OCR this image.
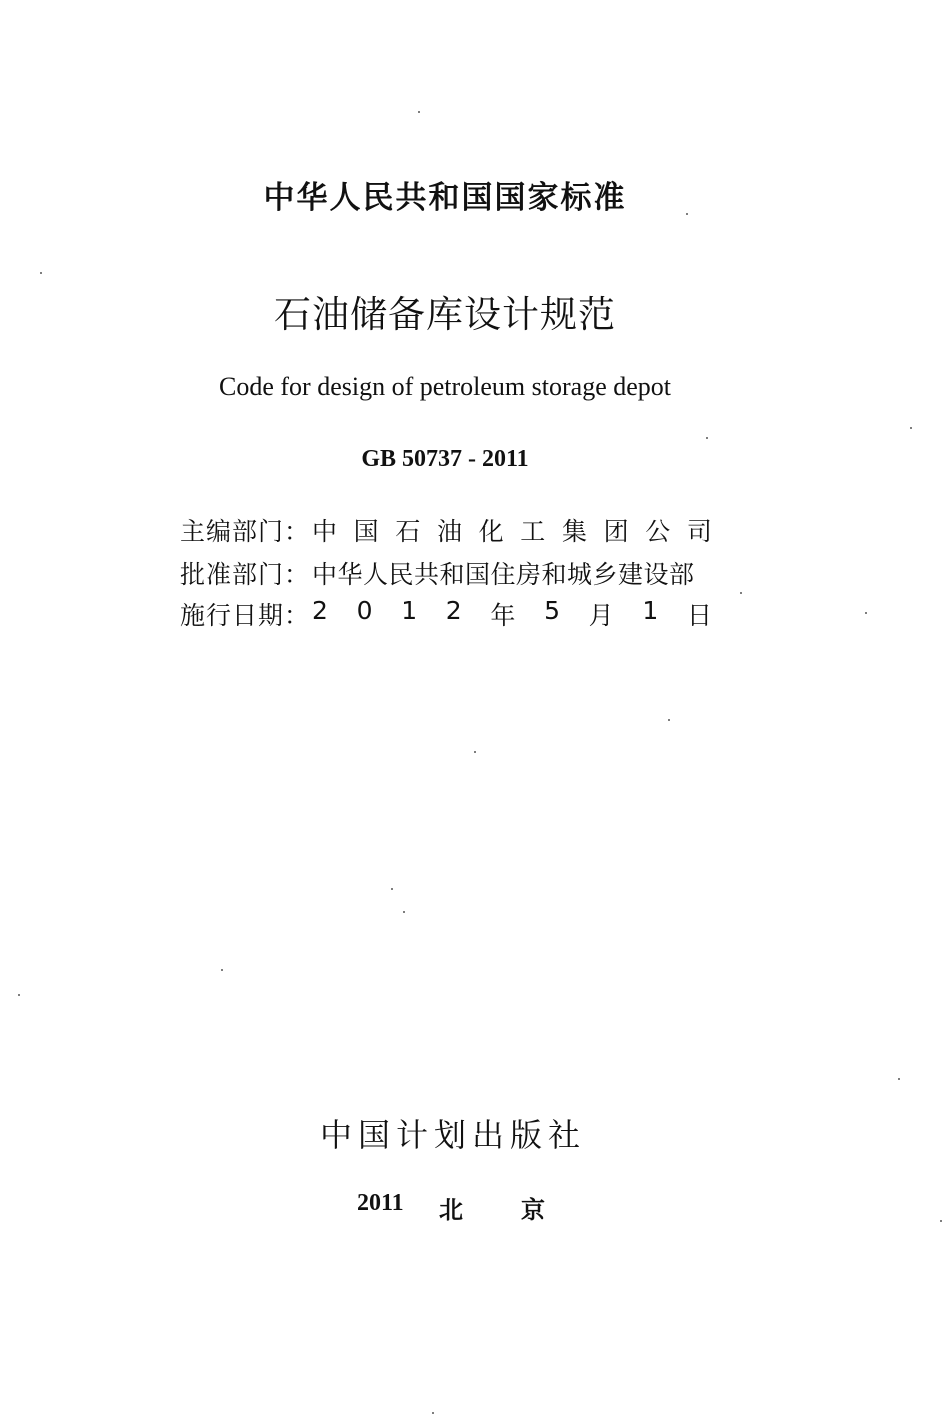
中华人民共和国国家标准
石油储备库设计规范
Code for design of petroleum storage depot
GB 50737 - 2011
主编部门： 中 国 石 油 化 工 集 团 公 司
批准部门： 中华人民共和国住房和城乡建设部
施行日期： 2 0 1 2 年 5 月 1 日
中国计划出版社
2011 北 京
